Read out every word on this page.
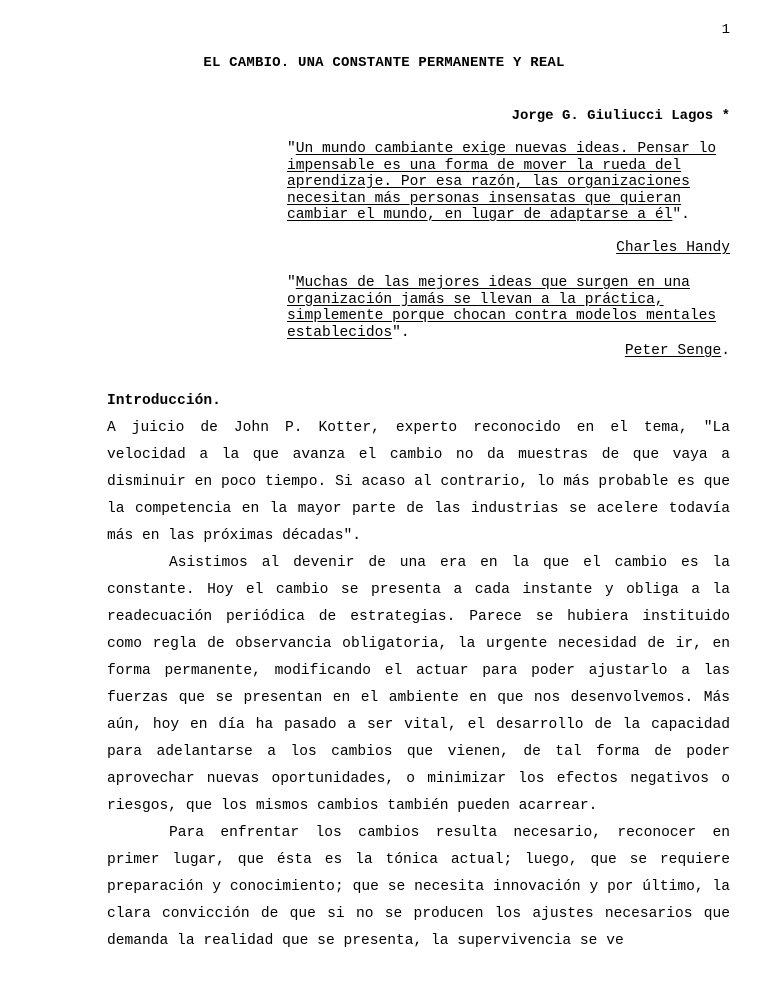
1
EL CAMBIO. UNA CONSTANTE PERMANENTE Y REAL
Jorge G. Giuliucci Lagos *
"Un mundo cambiante exige nuevas ideas. Pensar lo impensable es una forma de mover la rueda del aprendizaje. Por esa razón, las organizaciones necesitan más personas insensatas que quieran cambiar el mundo, en lugar de adaptarse a él".
Charles Handy
"Muchas de las mejores ideas que surgen en una organización jamás se llevan a la práctica, simplemente porque chocan contra modelos mentales establecidos".
Peter Senge.
Introducción.

A juicio de John P. Kotter, experto reconocido en el tema, "La velocidad a la que avanza el cambio no da muestras de que vaya a disminuir en poco tiempo. Si acaso al contrario, lo más probable es que la competencia en la mayor parte de las industrias se acelere todavía más en las próximas décadas".

Asistimos al devenir de una era en la que el cambio es la constante. Hoy el cambio se presenta a cada instante y obliga a la readecuación periódica de estrategias. Parece se hubiera instituido como regla de observancia obligatoria, la urgente necesidad de ir, en forma permanente, modificando el actuar para poder ajustarlo a las fuerzas que se presentan en el ambiente en que nos desenvolvemos. Más aún, hoy en día ha pasado a ser vital, el desarrollo de la capacidad para adelantarse a los cambios que vienen, de tal forma de poder aprovechar nuevas oportunidades, o minimizar los efectos negativos o riesgos, que los mismos cambios también pueden acarrear.

Para enfrentar los cambios resulta necesario, reconocer en primer lugar, que ésta es la tónica actual; luego, que se requiere preparación y conocimiento; que se necesita innovación y por último, la clara convicción de que si no se producen los ajustes necesarios que demanda la realidad que se presenta, la supervivencia se ve
